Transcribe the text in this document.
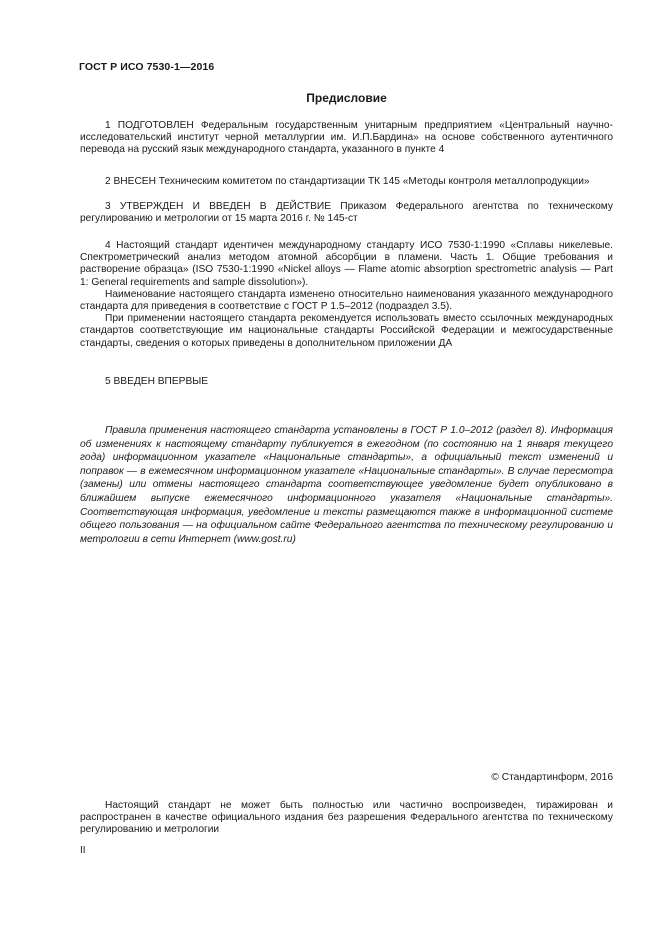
ГОСТ Р ИСО 7530-1—2016
Предисловие

1 ПОДГОТОВЛЕН Федеральным государственным унитарным предприятием «Центральный научно-исследовательский институт черной металлургии им. И.П.Бардина» на основе собственного аутентичного перевода на русский язык международного стандарта, указанного в пункте 4

2 ВНЕСЕН Техническим комитетом по стандартизации ТК 145 «Методы контроля металлопродукции»

3 УТВЕРЖДЕН И ВВЕДЕН В ДЕЙСТВИЕ Приказом Федерального агентства по техническому регулированию и метрологии от 15 марта 2016 г. № 145-ст

4 Настоящий стандарт идентичен международному стандарту ИСО 7530-1:1990 «Сплавы никелевые. Спектрометрический анализ методом атомной абсорбции в пламени. Часть 1. Общие требования и растворение образца» (ISO 7530-1:1990 «Nickel alloys — Flame atomic absorption spectrometric analysis — Part 1: General requirements and sample dissolution»).

Наименование настоящего стандарта изменено относительно наименования указанного международного стандарта для приведения в соответствие с ГОСТ Р 1.5–2012 (подраздел 3.5).

При применении настоящего стандарта рекомендуется использовать вместо ссылочных международных стандартов соответствующие им национальные стандарты Российской Федерации и межгосударственные стандарты, сведения о которых приведены в дополнительном приложении ДА

5 ВВЕДЕН ВПЕРВЫЕ

Правила применения настоящего стандарта установлены в ГОСТ Р 1.0–2012 (раздел 8). Информация об изменениях к настоящему стандарту публикуется в ежегодном (по состоянию на 1 января текущего года) информационном указателе «Национальные стандарты», а официальный текст изменений и поправок — в ежемесячном информационном указателе «Национальные стандарты». В случае пересмотра (замены) или отмены настоящего стандарта соответствующее уведомление будет опубликовано в ближайшем выпуске ежемесячного информационного указателя «Национальные стандарты». Соответствующая информация, уведомление и тексты размещаются также в информационной системе общего пользования — на официальном сайте Федерального агентства по техническому регулированию и метрологии в сети Интернет (www.gost.ru)

© Стандартинформ, 2016

Настоящий стандарт не может быть полностью или частично воспроизведен, тиражирован и распространен в качестве официального издания без разрешения Федерального агентства по техническому регулированию и метрологии

II
